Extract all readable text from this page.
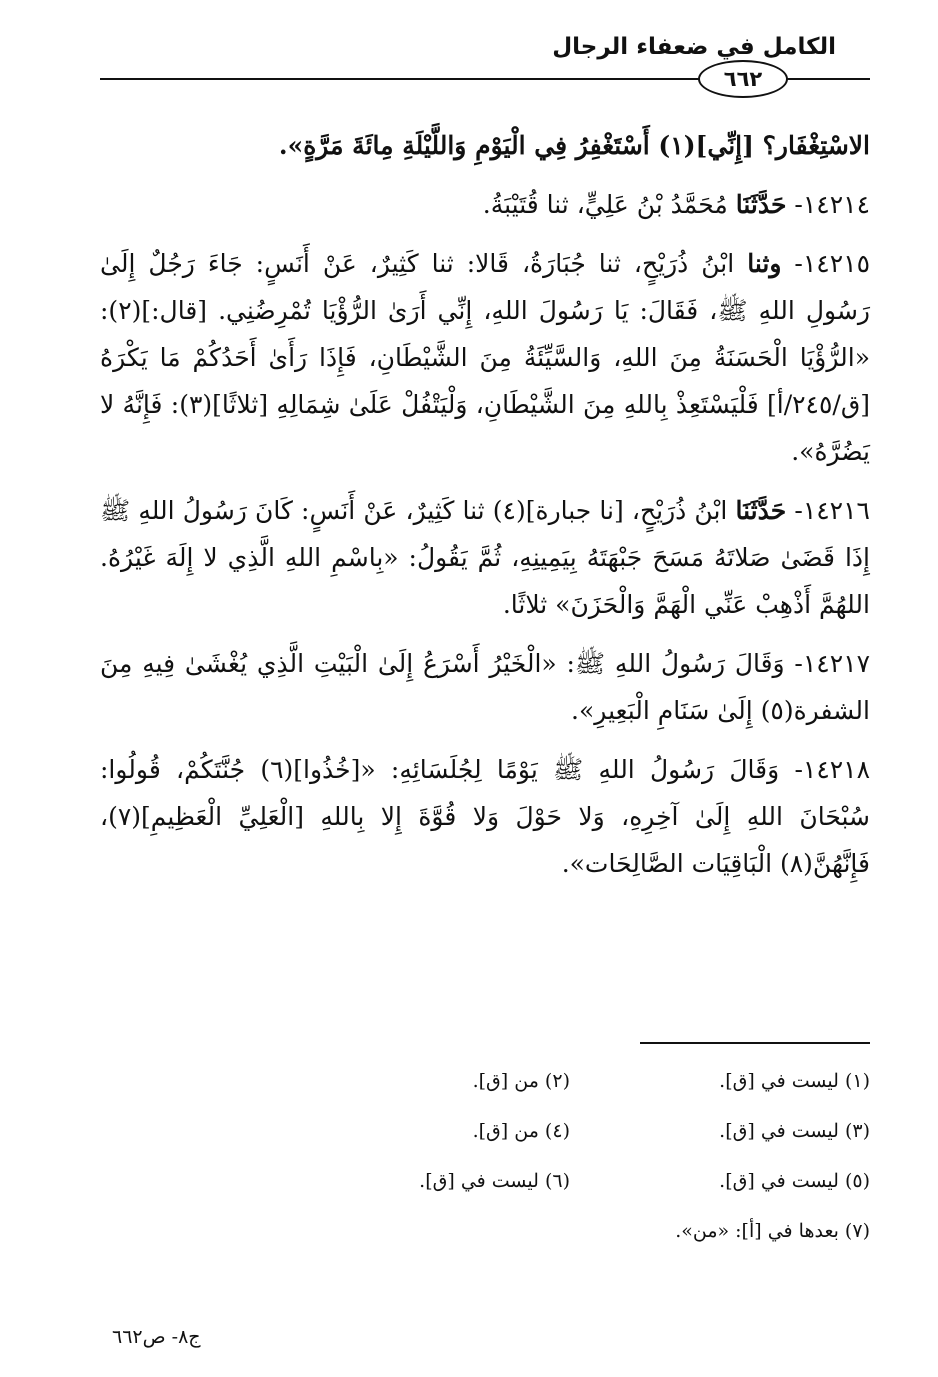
الكامل في ضعفاء الرجال
٦٦٢

الاسْتِغْفَار؟ [إِنِّي](١) أَسْتَغْفِرُ فِي الْيَوْمِ وَاللَّيْلَةِ مِائَةَ مَرَّةٍ».

١٤٢١٤- حَدَّثَنَا مُحَمَّدُ بْنُ عَلِيٍّ، ثنا قُتَيْبَةُ.

١٤٢١٥- وثنا ابْنُ ذُرَيْحٍ، ثنا جُبَارَةُ، قَالا: ثنا كَثِيرٌ، عَنْ أَنَسٍ: جَاءَ رَجُلٌ إِلَىٰ رَسُولِ اللهِ ﷺ، فَقَالَ: يَا رَسُولَ اللهِ، إِنِّي أَرَىٰ الرُّؤْيَا تُمْرِضُنِي. [قال:](٢): «الرُّؤْيَا الْحَسَنَةُ مِنَ اللهِ، وَالسَّيِّئَةُ مِنَ الشَّيْطَانِ، فَإِذَا رَأَىٰ أَحَدُكُمْ مَا يَكْرَهُ [ق/٢٤٥/أ] فَلْيَسْتَعِذْ بِاللهِ مِنَ الشَّيْطَانِ، وَلْيَتْفُلْ عَلَىٰ شِمَالِهِ [ثلاثًا](٣): فَإِنَّهُ لا يَضُرَّهُ».

١٤٢١٦- حَدَّثَنَا ابْنُ ذُرَيْحٍ، [نا جبارة](٤) ثنا كَثِيرٌ، عَنْ أَنَسٍ: كَانَ رَسُولُ اللهِ ﷺ إِذَا قَضَىٰ صَلاتَهُ مَسَحَ جَبْهَتَهُ بِيَمِينِهِ، ثُمَّ يَقُولُ: «بِاسْمِ اللهِ الَّذِي لا إِلَهَ غَيْرُهُ. اللهُمَّ أَذْهِبْ عَنِّي الْهَمَّ وَالْحَزَنَ» ثلاثًا.

١٤٢١٧- وَقَالَ رَسُولُ اللهِ ﷺ: «الْخَيْرُ أَسْرَعُ إِلَىٰ الْبَيْتِ الَّذِي يُغْشَىٰ فِيهِ مِنَ الشفرة(٥) إِلَىٰ سَنَامِ الْبَعِيرِ».

١٤٢١٨- وَقَالَ رَسُولُ اللهِ ﷺ يَوْمًا لِجُلَسَائِهِ: «[خُذُوا](٦) جُنَّتَكُمْ، قُولُوا: سُبْحَانَ اللهِ إِلَىٰ آخِرِهِ، وَلا حَوْلَ وَلا قُوَّةَ إِلا بِاللهِ [الْعَلِيِّ الْعَظِيمِ](٧)، فَإِنَّهُنَّ(٨) الْبَاقِيَات الصَّالِحَات».

(١) ليست في [ق].
(٢) من [ق].
(٣) ليست في [ق].
(٤) من [ق].
(٥) ليست في [ق].
(٦) ليست في [ق].
(٧) بعدها في [أ]: «من».
ج٨- ص٦٦٢
